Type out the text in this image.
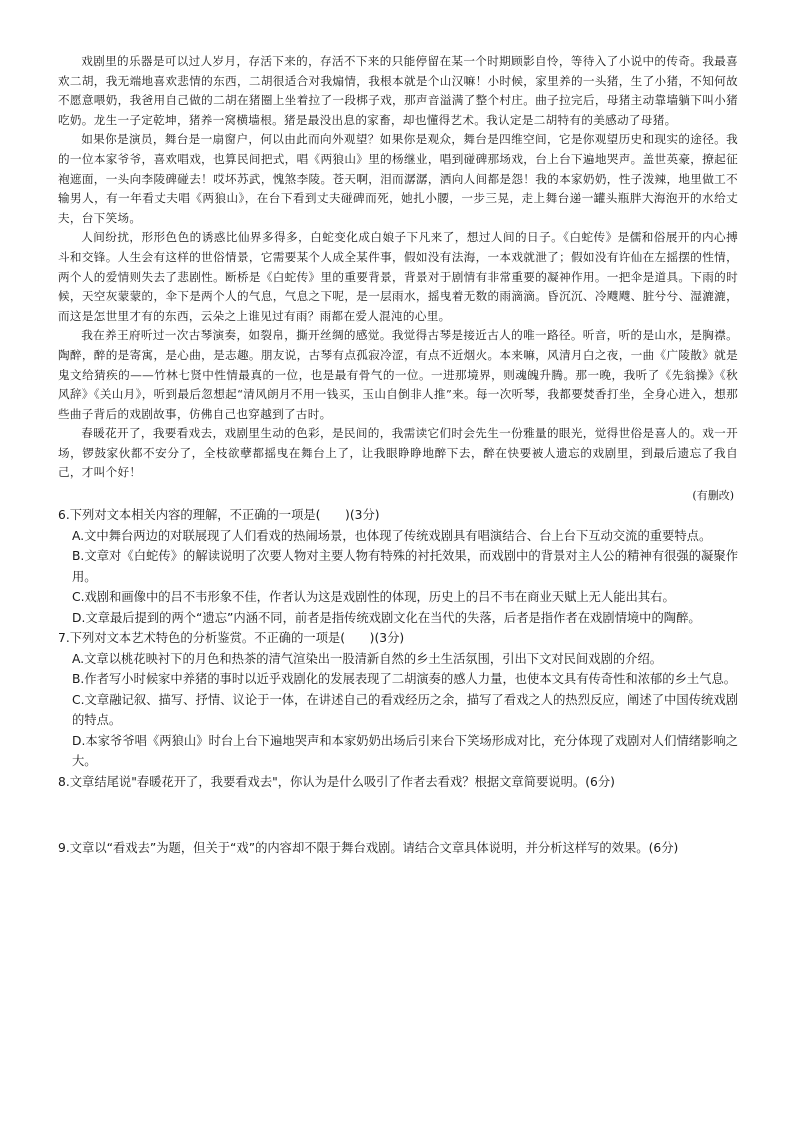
戏剧里的乐器是可以过人岁月，存活下来的，存活不下来的只能停留在某一个时期顾影自怜，等待入了小说中的传奇。我最喜欢二胡，我无端地喜欢悲情的东西，二胡很适合对我煽情，我根本就是个山汉嘛！小时候，家里养的一头猪，生了小猪，不知何故不愿意喂奶，我爸用自己做的二胡在猪圈上坐着拉了一段梆子戏，那声音溢满了整个村庄。曲子拉完后，母猪主动靠墙躺下叫小猪吃奶。龙生一子定乾坤，猪养一窝横墙根。猪是最没出息的家畜，却也懂得艺术。我认定是二胡特有的美感动了母猪。

如果你是演员，舞台是一扇窗户，何以由此而向外观望？如果你是观众，舞台是四维空间，它是你观望历史和现实的途径。我的一位本家爷爷，喜欢唱戏，也算民间把式，唱《两狼山》里的杨继业，唱到碰碑那场戏，台上台下遍地哭声。盖世英豪，撩起征袍遮面，一头向李陵碑碰去！哎坏苏武，愧煞李陵。苍天啊，泪而潺潺，洒向人间都是怨！我的本家奶奶，性子泼辣，地里做工不输男人，有一年看丈夫唱《两狼山》，在台下看到丈夫碰碑而死，她扎小腰，一步三晃，走上舞台递一罐头瓶胖大海泡开的水给丈夫，台下笑场。

人间纷扰，形形色色的诱惑比仙界多得多，白蛇变化成白娘子下凡来了，想过人间的日子。《白蛇传》是儒和俗展开的内心搏斗和交锋。人生会有这样的世俗情景，它需要某个人成全某件事，假如没有法海，一本戏就泄了；假如没有许仙在左摇摆的性情，两个人的爱情则失去了悲剧性。断桥是《白蛇传》里的重要背景，背景对于剧情有非常重要的凝神作用。一把伞是道具。下雨的时候，天空灰蒙蒙的，伞下是两个人的气息，气息之下呢，是一层雨水，摇曳着无数的雨滴滴。昏沉沉、冷飕飕、脏兮兮、湿漉漉，而这是怎世里才有的东西，云朵之上谁见过有雨？雨都在爱人混沌的心里。

我在养王府听过一次古琴演奏，如裂帛，撕开丝绸的感觉。我觉得古琴是接近古人的唯一路径。听音，听的是山水，是胸襟。陶醉，醉的是寄寓，是心曲，是志趣。朋友说，古琴有点孤寂冷涩，有点不近烟火。本来嘛，风清月白之夜，一曲《广陵散》就是鬼文给猜疾的——竹林七贤中性情最真的一位，也是最有骨气的一位。一进那境界，则魂魄升腾。那一晚，我听了《先翁操》《秋风辞》《关山月》，听到最后忽想起“清风朗月不用一钱买，玉山自倒非人推”来。每一次听琴，我都要焚香打坐，全身心进入，想那些曲子背后的戏剧故事，仿佛自己也穿越到了古时。

春暖花开了，我要看戏去，戏剧里生动的色彩，是民间的，我需读它们时会先生一份雅量的眼光，觉得世俗是喜人的。戏一开场，锣鼓家伙都不安分了，全枝欲孽都摇曳在舞台上了，让我眼睁睁地醉下去，醉在快要被人遗忘的戏剧里，到最后遗忘了我自己，才叫个好！

(有删改)

6.下列对文本相关内容的理解，不正确的一项是(　　)(3分)

A.文中舞台两边的对联展现了人们看戏的热闹场景，也体现了传统戏剧具有唱演结合、台上台下互动交流的重要特点。

B.文章对《白蛇传》的解读说明了次要人物对主要人物有特殊的衬托效果，而戏剧中的背景对主人公的精神有很强的凝聚作用。

C.戏剧和画像中的吕不韦形象不佳，作者认为这是戏剧性的体现，历史上的吕不韦在商业天赋上无人能出其右。

D.文章最后提到的两个“遗忘”内涵不同，前者是指传统戏剧文化在当代的失落，后者是指作者在戏剧情境中的陶醉。

7.下列对文本艺术特色的分析鉴赏。不正确的一项是(　　)(3分)

A.文章以桃花映衬下的月色和热茶的清气渲染出一股清新自然的乡土生活氛围，引出下文对民间戏剧的介绍。

B.作者写小时候家中养猪的事时以近乎戏剧化的发展表现了二胡演奏的感人力量，也使本文具有传奇性和浓郁的乡土气息。

C.文章融记叙、描写、抒情、议论于一体，在讲述自己的看戏经历之余，描写了看戏之人的热烈反应，阐述了中国传统戏剧的特点。

D.本家爷爷唱《两狼山》时台上台下遍地哭声和本家奶奶出场后引来台下笑场形成对比，充分体现了戏剧对人们情绪影响之大。

8.文章结尾说"春暖花开了，我要看戏去"，你认为是什么吸引了作者去看戏？根据文章简要说明。(6分)

9.文章以“看戏去”为题，但关于“戏”的内容却不限于舞台戏剧。请结合文章具体说明，并分析这样写的效果。(6分)
